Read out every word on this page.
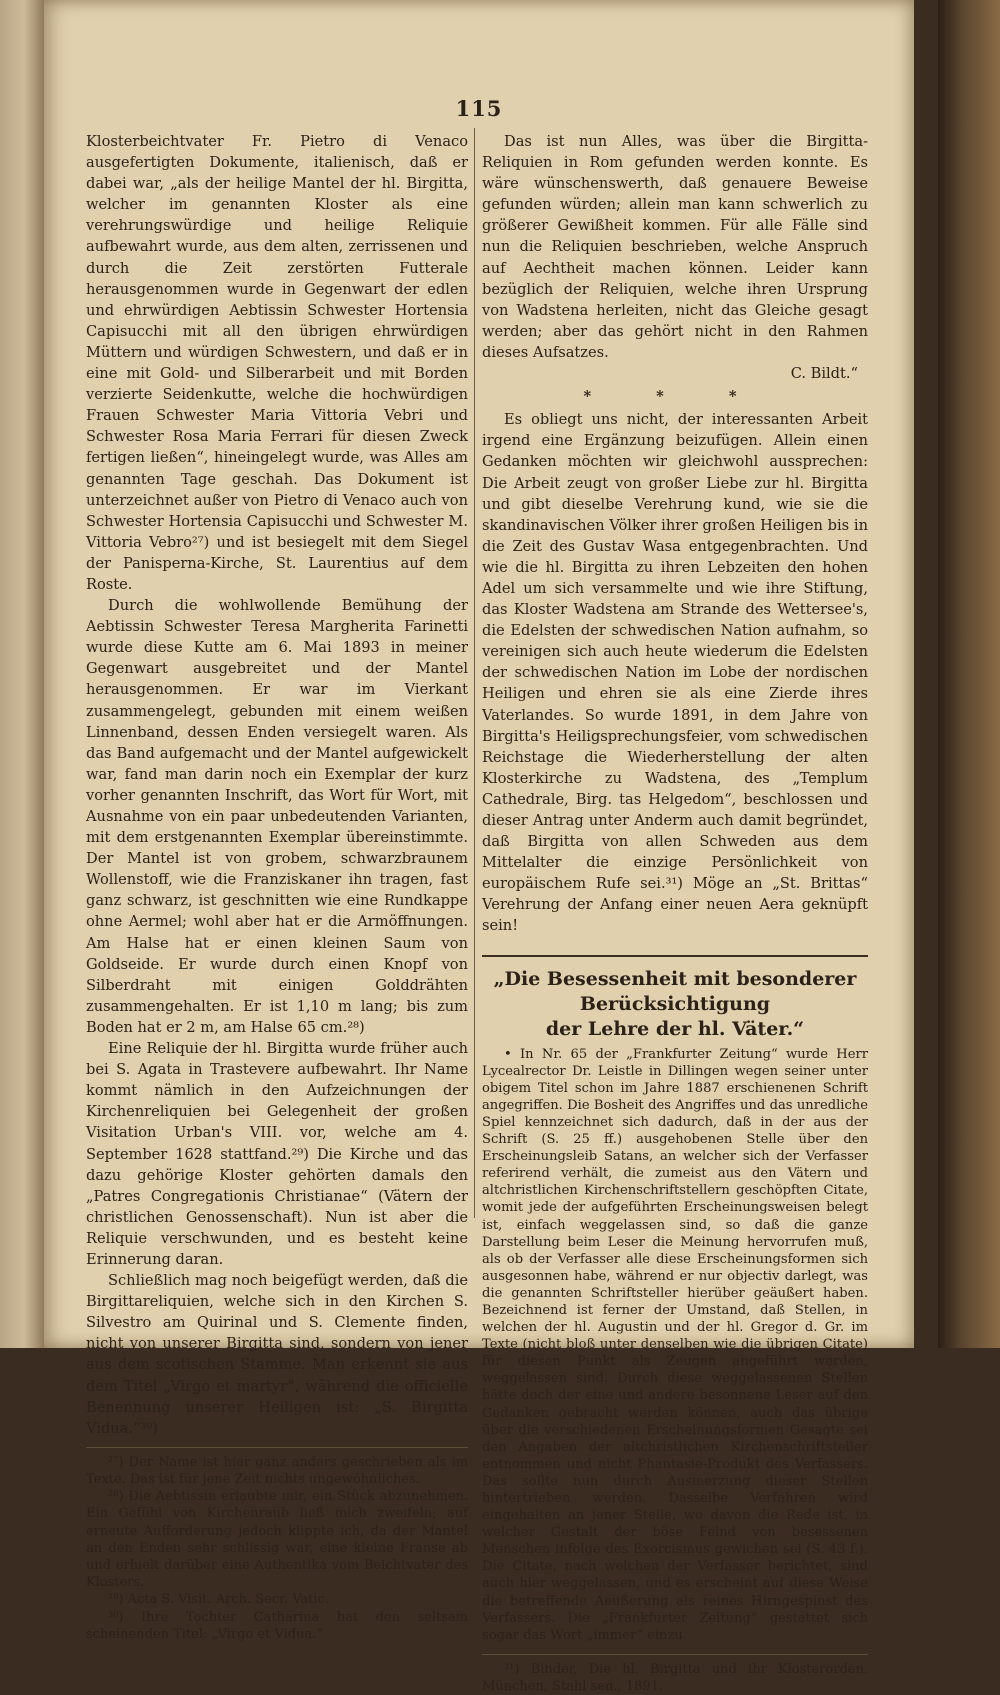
115

Klosterbeichtvater Fr. Pietro di Venaco ausgefertigten Dokumente, italienisch, daß er dabei war, „als der heilige Mantel der hl. Birgitta, welcher im genannten Kloster als eine verehrungswürdige und heilige Reliquie aufbewahrt wurde, aus dem alten, zerrissenen und durch die Zeit zerstörten Futterale herausgenommen wurde in Gegenwart der edlen und ehrwürdigen Aebtissin Schwester Hortensia Capisucchi mit all den übrigen ehrwürdigen Müttern und würdigen Schwestern, und daß er in eine mit Gold- und Silberarbeit und mit Borden verzierte Seidenkutte, welche die hochwürdigen Frauen Schwester Maria Vittoria Vebri und Schwester Rosa Maria Ferrari für diesen Zweck fertigen ließen“, hineingelegt wurde, was Alles am genannten Tage geschah. Das Dokument ist unterzeichnet außer von Pietro di Venaco auch von Schwester Hortensia Capisucchi und Schwester M. Vittoria Vebro²⁷) und ist besiegelt mit dem Siegel der Panisperna-Kirche, St. Laurentius auf dem Roste.

Durch die wohlwollende Bemühung der Aebtissin Schwester Teresa Margherita Farinetti wurde diese Kutte am 6. Mai 1893 in meiner Gegenwart ausgebreitet und der Mantel herausgenommen. Er war im Vierkant zusammengelegt, gebunden mit einem weißen Linnenband, dessen Enden versiegelt waren. Als das Band aufgemacht und der Mantel aufgewickelt war, fand man darin noch ein Exemplar der kurz vorher genannten Inschrift, das Wort für Wort, mit Ausnahme von ein paar unbedeutenden Varianten, mit dem erstgenannten Exemplar übereinstimmte. Der Mantel ist von grobem, schwarzbraunem Wollenstoff, wie die Franziskaner ihn tragen, fast ganz schwarz, ist geschnitten wie eine Rundkappe ohne Aermel; wohl aber hat er die Armöffnungen. Am Halse hat er einen kleinen Saum von Goldseide. Er wurde durch einen Knopf von Silberdraht mit einigen Golddrähten zusammengehalten. Er ist 1,10 m lang; bis zum Boden hat er 2 m, am Halse 65 cm.²⁸)

Eine Reliquie der hl. Birgitta wurde früher auch bei S. Agata in Trastevere aufbewahrt. Ihr Name kommt nämlich in den Aufzeichnungen der Kirchenreliquien bei Gelegenheit der großen Visitation Urban's VIII. vor, welche am 4. September 1628 stattfand.²⁹) Die Kirche und das dazu gehörige Kloster gehörten damals den „Patres Congregationis Christianae“ (Vätern der christlichen Genossenschaft). Nun ist aber die Reliquie verschwunden, und es besteht keine Erinnerung daran.

Schließlich mag noch beigefügt werden, daß die Birgittareliquien, welche sich in den Kirchen S. Silvestro am Quirinal und S. Clemente finden, nicht von unserer Birgitta sind, sondern von jener aus dem scotischen Stamme. Man erkennt sie aus dem Titel „Virgo et martyr“, während die officielle Benennung unserer Heiligen ist: „S. Birgitta Vidua.“³⁰)

²⁷) Der Name ist hier ganz anders geschrieben als im Texte. Das ist für jene Zeit nichts ungewöhnliches.

²⁸) Die Aebtissin erlaubte mir, ein Stück abzunehmen. Ein Gefühl von Kirchenraub ließ mich zweifeln; auf erneute Aufforderung jedoch klippte ich, da der Mantel an den Enden sehr schlissig war, eine kleine Franse ab und erhielt darüber eine Authentika vom Beichtvater des Klosters.

²⁹) Acta S. Visit. Arch. Secr. Vatic.

³⁰) Ihre Tochter Catharina hat den seltsam scheinenden Titel: „Virgo et Vidua.“

Das ist nun Alles, was über die Birgitta-Reliquien in Rom gefunden werden konnte. Es wäre wünschenswerth, daß genauere Beweise gefunden würden; allein man kann schwerlich zu größerer Gewißheit kommen. Für alle Fälle sind nun die Reliquien beschrieben, welche Anspruch auf Aechtheit machen können. Leider kann bezüglich der Reliquien, welche ihren Ursprung von Wadstena herleiten, nicht das Gleiche gesagt werden; aber das gehört nicht in den Rahmen dieses Aufsatzes.

C. Bildt.“
* * *

Es obliegt uns nicht, der interessanten Arbeit irgend eine Ergänzung beizufügen. Allein einen Gedanken möchten wir gleichwohl aussprechen: Die Arbeit zeugt von großer Liebe zur hl. Birgitta und gibt dieselbe Verehrung kund, wie sie die skandinavischen Völker ihrer großen Heiligen bis in die Zeit des Gustav Wasa entgegenbrachten. Und wie die hl. Birgitta zu ihren Lebzeiten den hohen Adel um sich versammelte und wie ihre Stiftung, das Kloster Wadstena am Strande des Wettersee's, die Edelsten der schwedischen Nation aufnahm, so vereinigen sich auch heute wiederum die Edelsten der schwedischen Nation im Lobe der nordischen Heiligen und ehren sie als eine Zierde ihres Vaterlandes. So wurde 1891, in dem Jahre von Birgitta's Heiligsprechungsfeier, vom schwedischen Reichstage die Wiederherstellung der alten Klosterkirche zu Wadstena, des „Templum Cathedrale, Birg. tas Helgedom“, beschlossen und dieser Antrag unter Anderm auch damit begründet, daß Birgitta von allen Schweden aus dem Mittelalter die einzige Persönlichkeit von europäischem Rufe sei.³¹) Möge an „St. Brittas“ Verehrung der Anfang einer neuen Aera geknüpft sein!

„Die Besessenheit mit besonderer Berücksichtigung
der Lehre der hl. Väter.“

• In Nr. 65 der „Frankfurter Zeitung“ wurde Herr Lycealrector Dr. Leistle in Dillingen wegen seiner unter obigem Titel schon im Jahre 1887 erschienenen Schrift angegriffen. Die Bosheit des Angriffes und das unredliche Spiel kennzeichnet sich dadurch, daß in der aus der Schrift (S. 25 ff.) ausgehobenen Stelle über den Erscheinungsleib Satans, an welcher sich der Verfasser referirend verhält, die zumeist aus den Vätern und altchristlichen Kirchenschriftstellern geschöpften Citate, womit jede der aufgeführten Erscheinungsweisen belegt ist, einfach weggelassen sind, so daß die ganze Darstellung beim Leser die Meinung hervorrufen muß, als ob der Verfasser alle diese Erscheinungsformen sich ausgesonnen habe, während er nur objectiv darlegt, was die genannten Schriftsteller hierüber geäußert haben. Bezeichnend ist ferner der Umstand, daß Stellen, in welchen der hl. Augustin und der hl. Gregor d. Gr. im Texte (nicht bloß unter denselben wie die übrigen Citate) für diesen Punkt als Zeugen angeführt werden, weggelassen sind. Durch diese weggelassenen Stellen hätte doch der eine und andere besonnene Leser auf den Gedanken gebracht werden können, auch das übrige über die verschiedenen Erscheinungsformen Gesagte sei den Angaben der altchristlichen Kirchenschriftsteller entnommen und nicht Phantasie-Produkt des Verfassers. Das sollte nun durch Ausmerzung dieser Stellen hintertrieben werden. Dasselbe Verfahren wird eingehalten an jener Stelle, wo davon die Rede ist, in welcher Gestalt der böse Feind von besessenen Menschen infolge des Exorcismus gewichen sei (S. 43 f.). Die Citate, nach welchen der Verfasser berichtet, sind auch hier weggelassen, und es erscheint auf diese Weise die betreffende Aeußerung als reines Hirngespinst des Verfassers. Die „Frankfurter Zeitung“ gestattet sich sogar das Wort „immer“ einzu

³¹) Binder, Die hl. Birgitta und ihr Klosterorden. München, Stahl sen., 1891.
